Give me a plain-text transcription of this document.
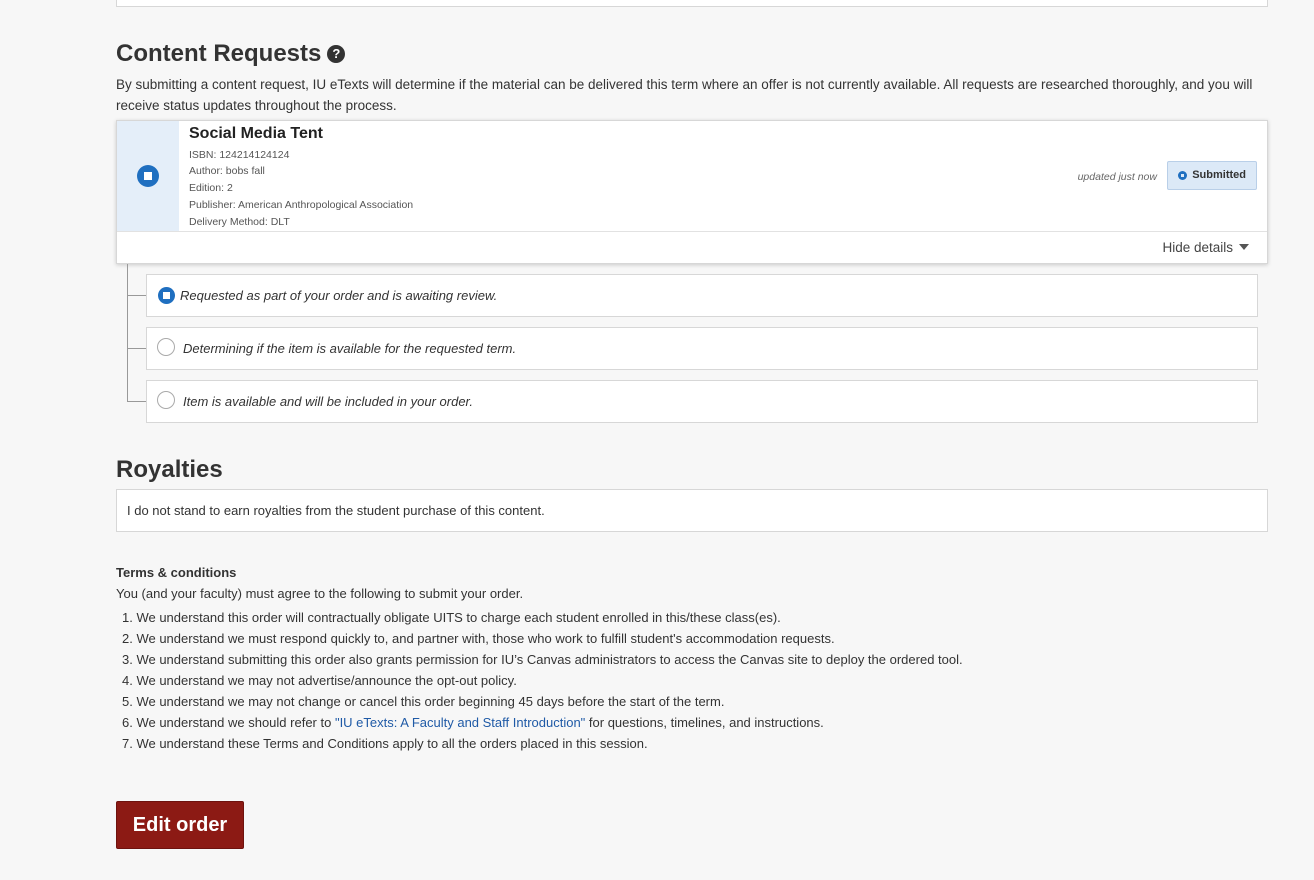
Content Requests ?
By submitting a content request, IU eTexts will determine if the material can be delivered this term where an offer is not currently available. All requests are researched thoroughly, and you will receive status updates throughout the process.
Social Media Tent
ISBN: 124214124124
Author: bobs fall
Edition: 2
Publisher: American Anthropological Association
Delivery Method: DLT
updated just now	Submitted
Hide details
Requested as part of your order and is awaiting review.
Determining if the item is available for the requested term.
Item is available and will be included in your order.
Royalties
I do not stand to earn royalties from the student purchase of this content.
Terms & conditions
You (and your faculty) must agree to the following to submit your order.
1. We understand this order will contractually obligate UITS to charge each student enrolled in this/these class(es).
2. We understand we must respond quickly to, and partner with, those who work to fulfill student's accommodation requests.
3. We understand submitting this order also grants permission for IU’s Canvas administrators to access the Canvas site to deploy the ordered tool.
4. We understand we may not advertise/announce the opt-out policy.
5. We understand we may not change or cancel this order beginning 45 days before the start of the term.
6. We understand we should refer to "IU eTexts: A Faculty and Staff Introduction" for questions, timelines, and instructions.
7. We understand these Terms and Conditions apply to all the orders placed in this session.
Edit order
